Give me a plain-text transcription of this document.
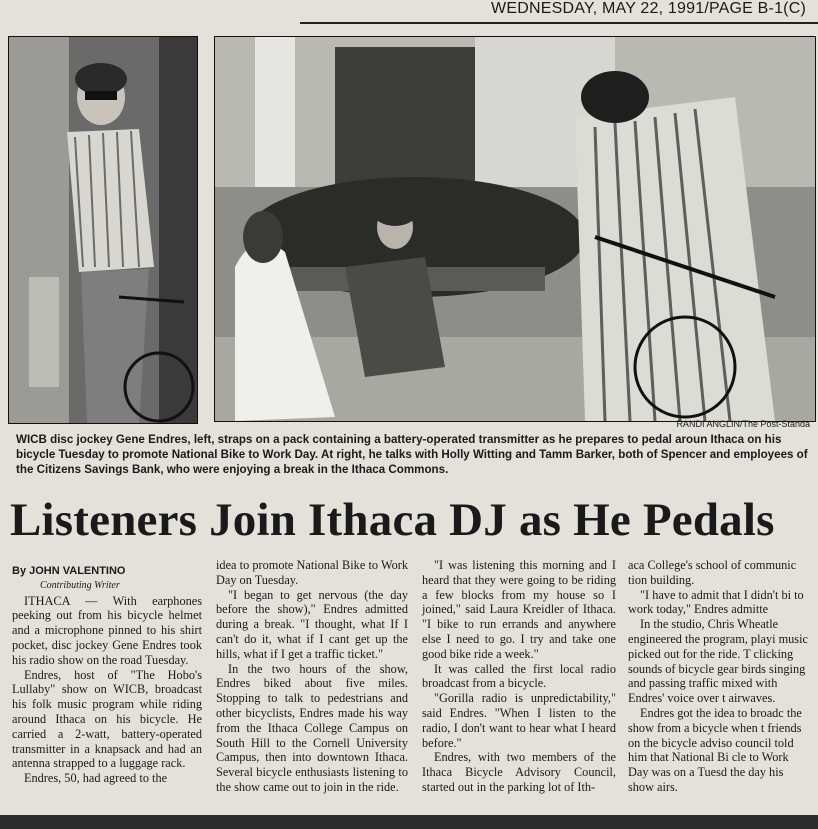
WEDNESDAY, MAY 22, 1991/PAGE B-1(C)
RANDI ANGLIN/The Post-Standa
WICB disc jockey Gene Endres, left, straps on a pack containing a battery-operated transmitter as he prepares to pedal aroun Ithaca on his bicycle Tuesday to promote National Bike to Work Day. At right, he talks with Holly Witting and Tamm Barker, both of Spencer and employees of the Citizens Savings Bank, who were enjoying a break in the Ithaca Commons.
Listeners Join Ithaca DJ as He Pedals

By JOHN VALENTINO

Contributing Writer

ITHACA — With earphones peeking out from his bicycle helmet and a microphone pinned to his shirt pocket, disc jockey Gene Endres took his radio show on the road Tuesday.

Endres, host of "The Hobo's Lullaby" show on WICB, broadcast his folk music program while riding around Ithaca on his bicycle. He carried a 2-watt, battery-operated transmitter in a knapsack and had an antenna strapped to a luggage rack.

Endres, 50, had agreed to the

idea to promote National Bike to Work Day on Tuesday.

"I began to get nervous (the day before the show)," Endres admitted during a break. "I thought, what If I can't do it, what if I cant get up the hills, what if I get a traffic ticket."

In the two hours of the show, Endres biked about five miles. Stopping to talk to pedestrians and other bicyclists, Endres made his way from the Ithaca College Campus on South Hill to the Cornell University Campus, then into downtown Ithaca. Several bicycle enthusiasts listening to the show came out to join in the ride.

"I was listening this morning and I heard that they were going to be riding a few blocks from my house so I joined," said Laura Kreidler of Ithaca. "I bike to run errands and anywhere else I need to go. I try and take one good bike ride a week."

It was called the first local radio broadcast from a bicycle.

"Gorilla radio is unpredictability," said Endres. "When I listen to the radio, I don't want to hear what I heard before."

Endres, with two members of the Ithaca Bicycle Advisory Council, started out in the parking lot of Ith-

aca College's school of communic tion building.

"I have to admit that I didn't bi to work today," Endres admitte

In the studio, Chris Wheatle engineered the program, playi music picked out for the ride. T clicking sounds of bicycle gear birds singing and passing traffic mixed with Endres' voice over t airwaves.

Endres got the idea to broadc the show from a bicycle when t friends on the bicycle adviso council told him that National Bi cle to Work Day was on a Tuesd the day his show airs.
